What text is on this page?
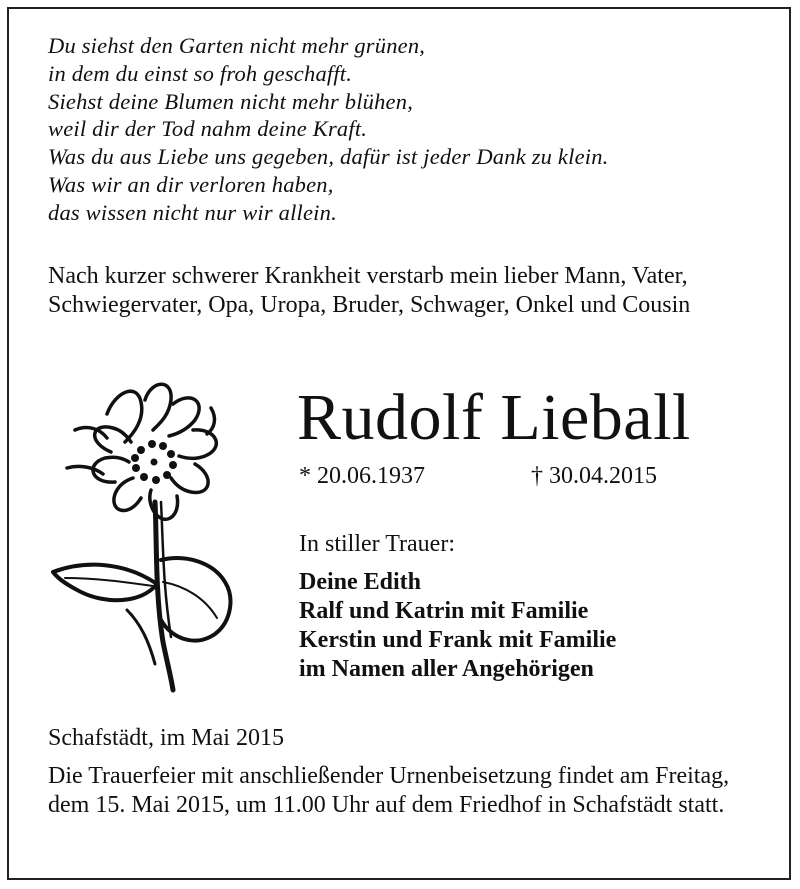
Du siehst den Garten nicht mehr grünen,
in dem du einst so froh geschafft.
Siehst deine Blumen nicht mehr blühen,
weil dir der Tod nahm deine Kraft.
Was du aus Liebe uns gegeben, dafür ist jeder Dank zu klein.
Was wir an dir verloren haben,
das wissen nicht nur wir allein.
Nach kurzer schwerer Krankheit verstarb mein lieber Mann, Vater, Schwiegervater, Opa, Uropa, Bruder, Schwager, Onkel und Cousin
Rudolf Lieball
* 20.06.1937	† 30.04.2015
In stiller Trauer:
Deine Edith
Ralf und Katrin mit Familie
Kerstin und Frank mit Familie
im Namen aller Angehörigen
Schafstädt, im Mai 2015
Die Trauerfeier mit anschließender Urnenbeisetzung findet am Freitag, dem 15. Mai 2015, um 11.00 Uhr auf dem Friedhof in Schafstädt statt.
